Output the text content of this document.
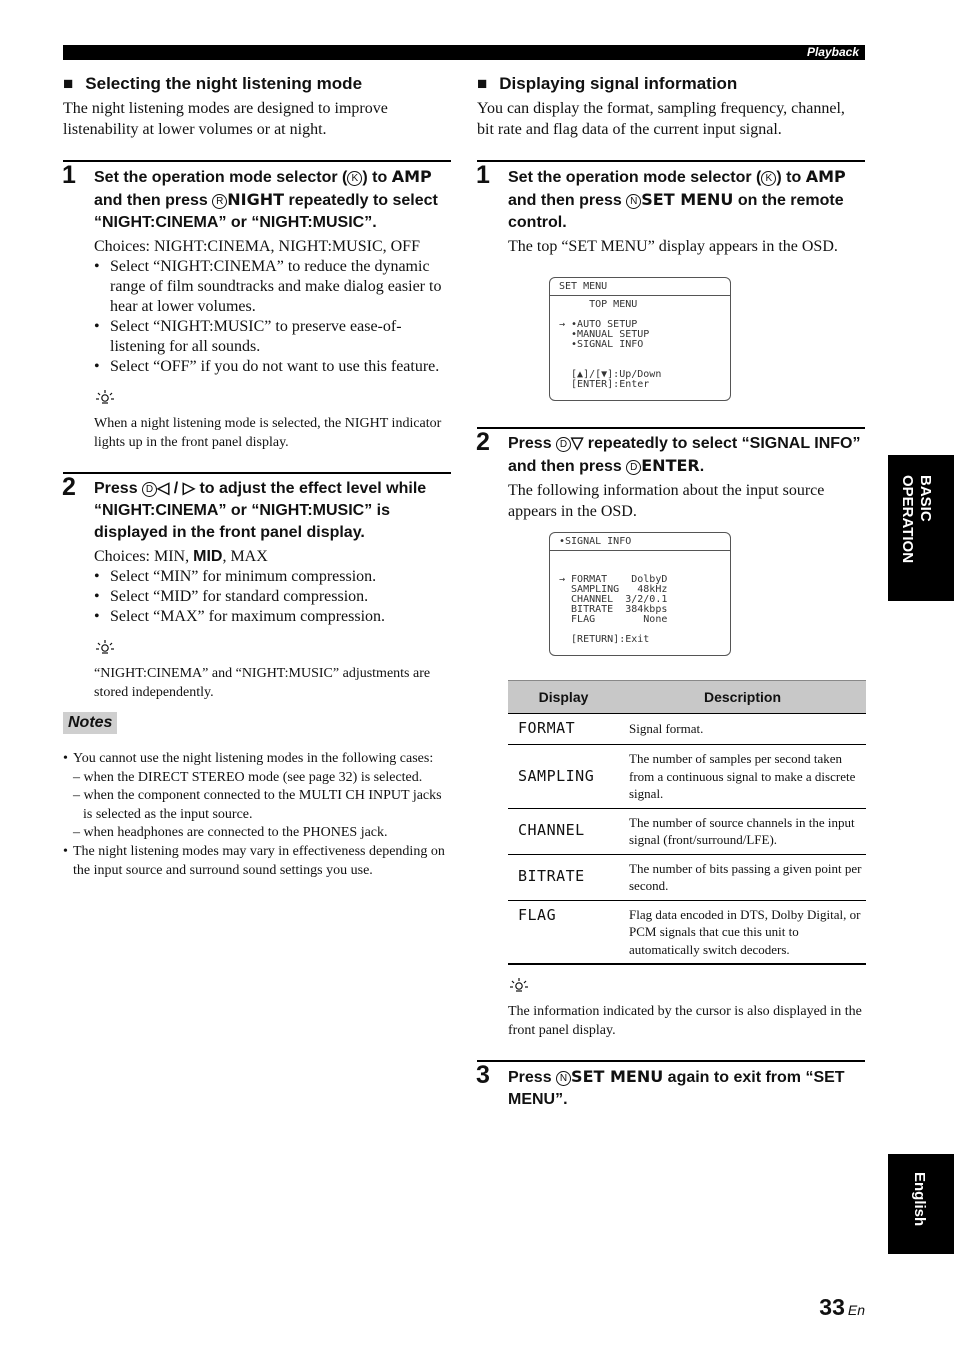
Playback
■ Selecting the night listening mode

The night listening modes are designed to improve listenability at lower volumes or at night.

1 Set the operation mode selector ( K ) to AMP and then press R NIGHT repeatedly to select “NIGHT:CINEMA” or “NIGHT:MUSIC”.

Choices: NIGHT:CINEMA, NIGHT:MUSIC, OFF

• Select “NIGHT:CINEMA” to reduce the dynamic range of film soundtracks and make dialog easier to hear at lower volumes.
• Select “NIGHT:MUSIC” to preserve ease-of-listening for all sounds.
• Select “OFF” if you do not want to use this feature.

When a night listening mode is selected, the NIGHT indicator lights up in the front panel display.

2 Press D ◁ / ▷ to adjust the effect level while “NIGHT:CINEMA” or “NIGHT:MUSIC” is displayed in the front panel display.

Choices: MIN, MID, MAX

• Select “MIN” for minimum compression.
• Select “MID” for standard compression.
• Select “MAX” for maximum compression.

“NIGHT:CINEMA” and “NIGHT:MUSIC” adjustments are stored independently.

Notes
• You cannot use the night listening modes in the following cases:
– when the DIRECT STEREO mode (see page 32) is selected.
– when the component connected to the MULTI CH INPUT jacks is selected as the input source.
– when headphones are connected to the PHONES jack.
• The night listening modes may vary in effectiveness depending on the input source and surround sound settings you use.
■ Displaying signal information

You can display the format, sampling frequency, channel, bit rate and flag data of the current input signal.

1 Set the operation mode selector ( K ) to AMP and then press N SET MENU on the remote control.

The top “SET MENU” display appears in the OSD.

SET MENU
TOP MENU

→ •AUTO SETUP
•MANUAL SETUP
•SIGNAL INFO

[▲]/[▼]:Up/Down
[ENTER]:Enter
2 Press D ▽ repeatedly to select “SIGNAL INFO” and then press D ENTER.

The following information about the input source appears in the OSD.

•SIGNAL INFO

→ FORMAT    DolbyD
SAMPLING   48kHz
CHANNEL  3/2/0.1
BITRATE  384kbps
FLAG        None

[RETURN]:Exit
Display	Description
FORMAT	Signal format.
SAMPLING	The number of samples per second taken from a continuous signal to make a discrete signal.
CHANNEL	The number of source channels in the input signal (front/surround/LFE).
BITRATE	The number of bits passing a given point per second.
FLAG	Flag data encoded in DTS, Dolby Digital, or PCM signals that cue this unit to automatically switch decoders.

The information indicated by the cursor is also displayed in the front panel display.

3 Press N SET MENU again to exit from “SET MENU”.

BASIC
OPERATION
English
33 En
